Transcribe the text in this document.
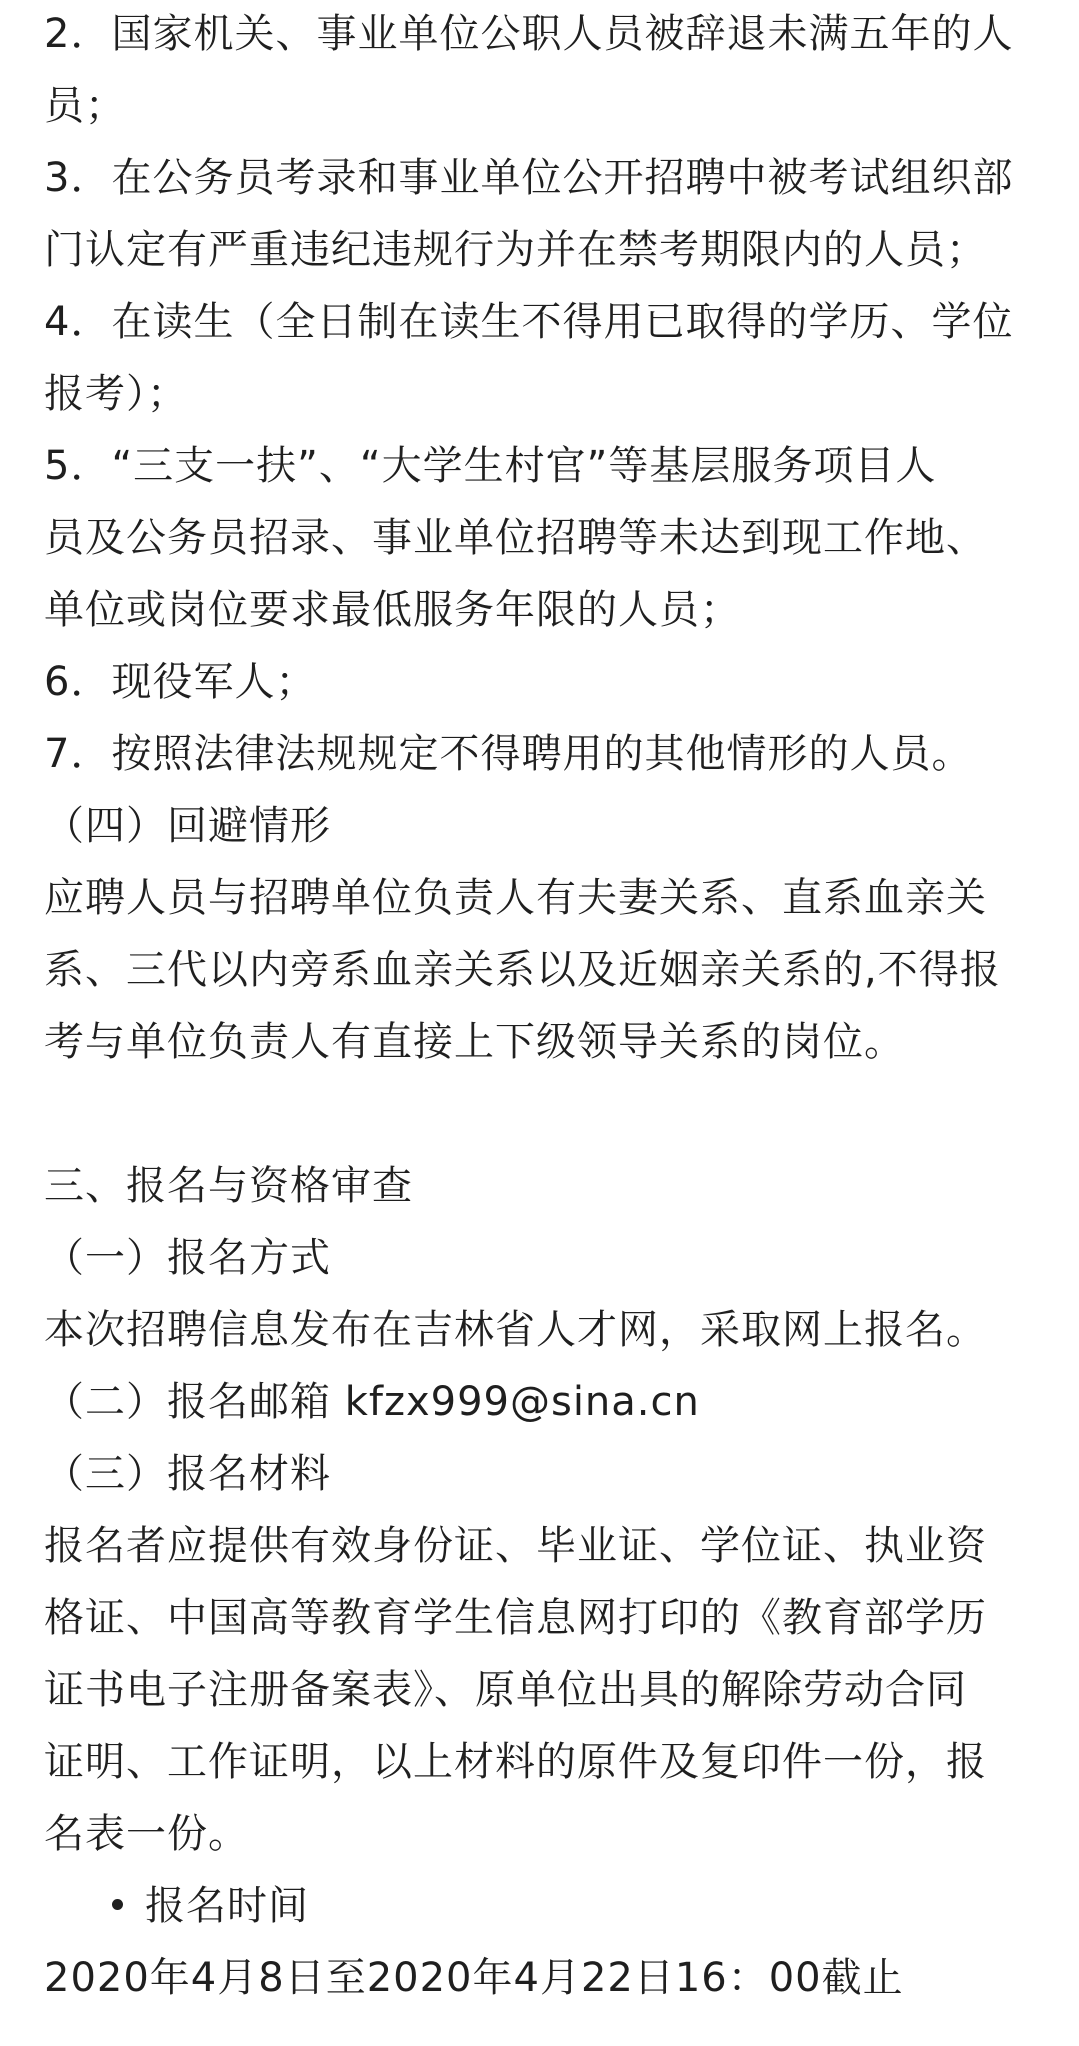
2．国家机关、事业单位公职人员被辞退未满五年的人
员；
3．在公务员考录和事业单位公开招聘中被考试组织部
门认定有严重违纪违规行为并在禁考期限内的人员；
4．在读生（全日制在读生不得用已取得的学历、学位
报考）；
5．“三支一扶”、“大学生村官”等基层服务项目人
员及公务员招录、事业单位招聘等未达到现工作地、
单位或岗位要求最低服务年限的人员；
6．现役军人；
7．按照法律法规规定不得聘用的其他情形的人员。
（四）回避情形
应聘人员与招聘单位负责人有夫妻关系、直系血亲关
系、三代以内旁系血亲关系以及近姻亲关系的,不得报
考与单位负责人有直接上下级领导关系的岗位。
三、报名与资格审查
（一）报名方式
本次招聘信息发布在吉林省人才网，采取网上报名。
（二）报名邮箱 kfzx999@sina.cn
（三）报名材料
报名者应提供有效身份证、毕业证、学位证、执业资
格证、中国高等教育学生信息网打印的《教育部学历
证书电子注册备案表》、原单位出具的解除劳动合同
证明、工作证明，以上材料的原件及复印件一份，报
名表一份。
报名时间
2020年4月8日至2020年4月22日16：00截止
